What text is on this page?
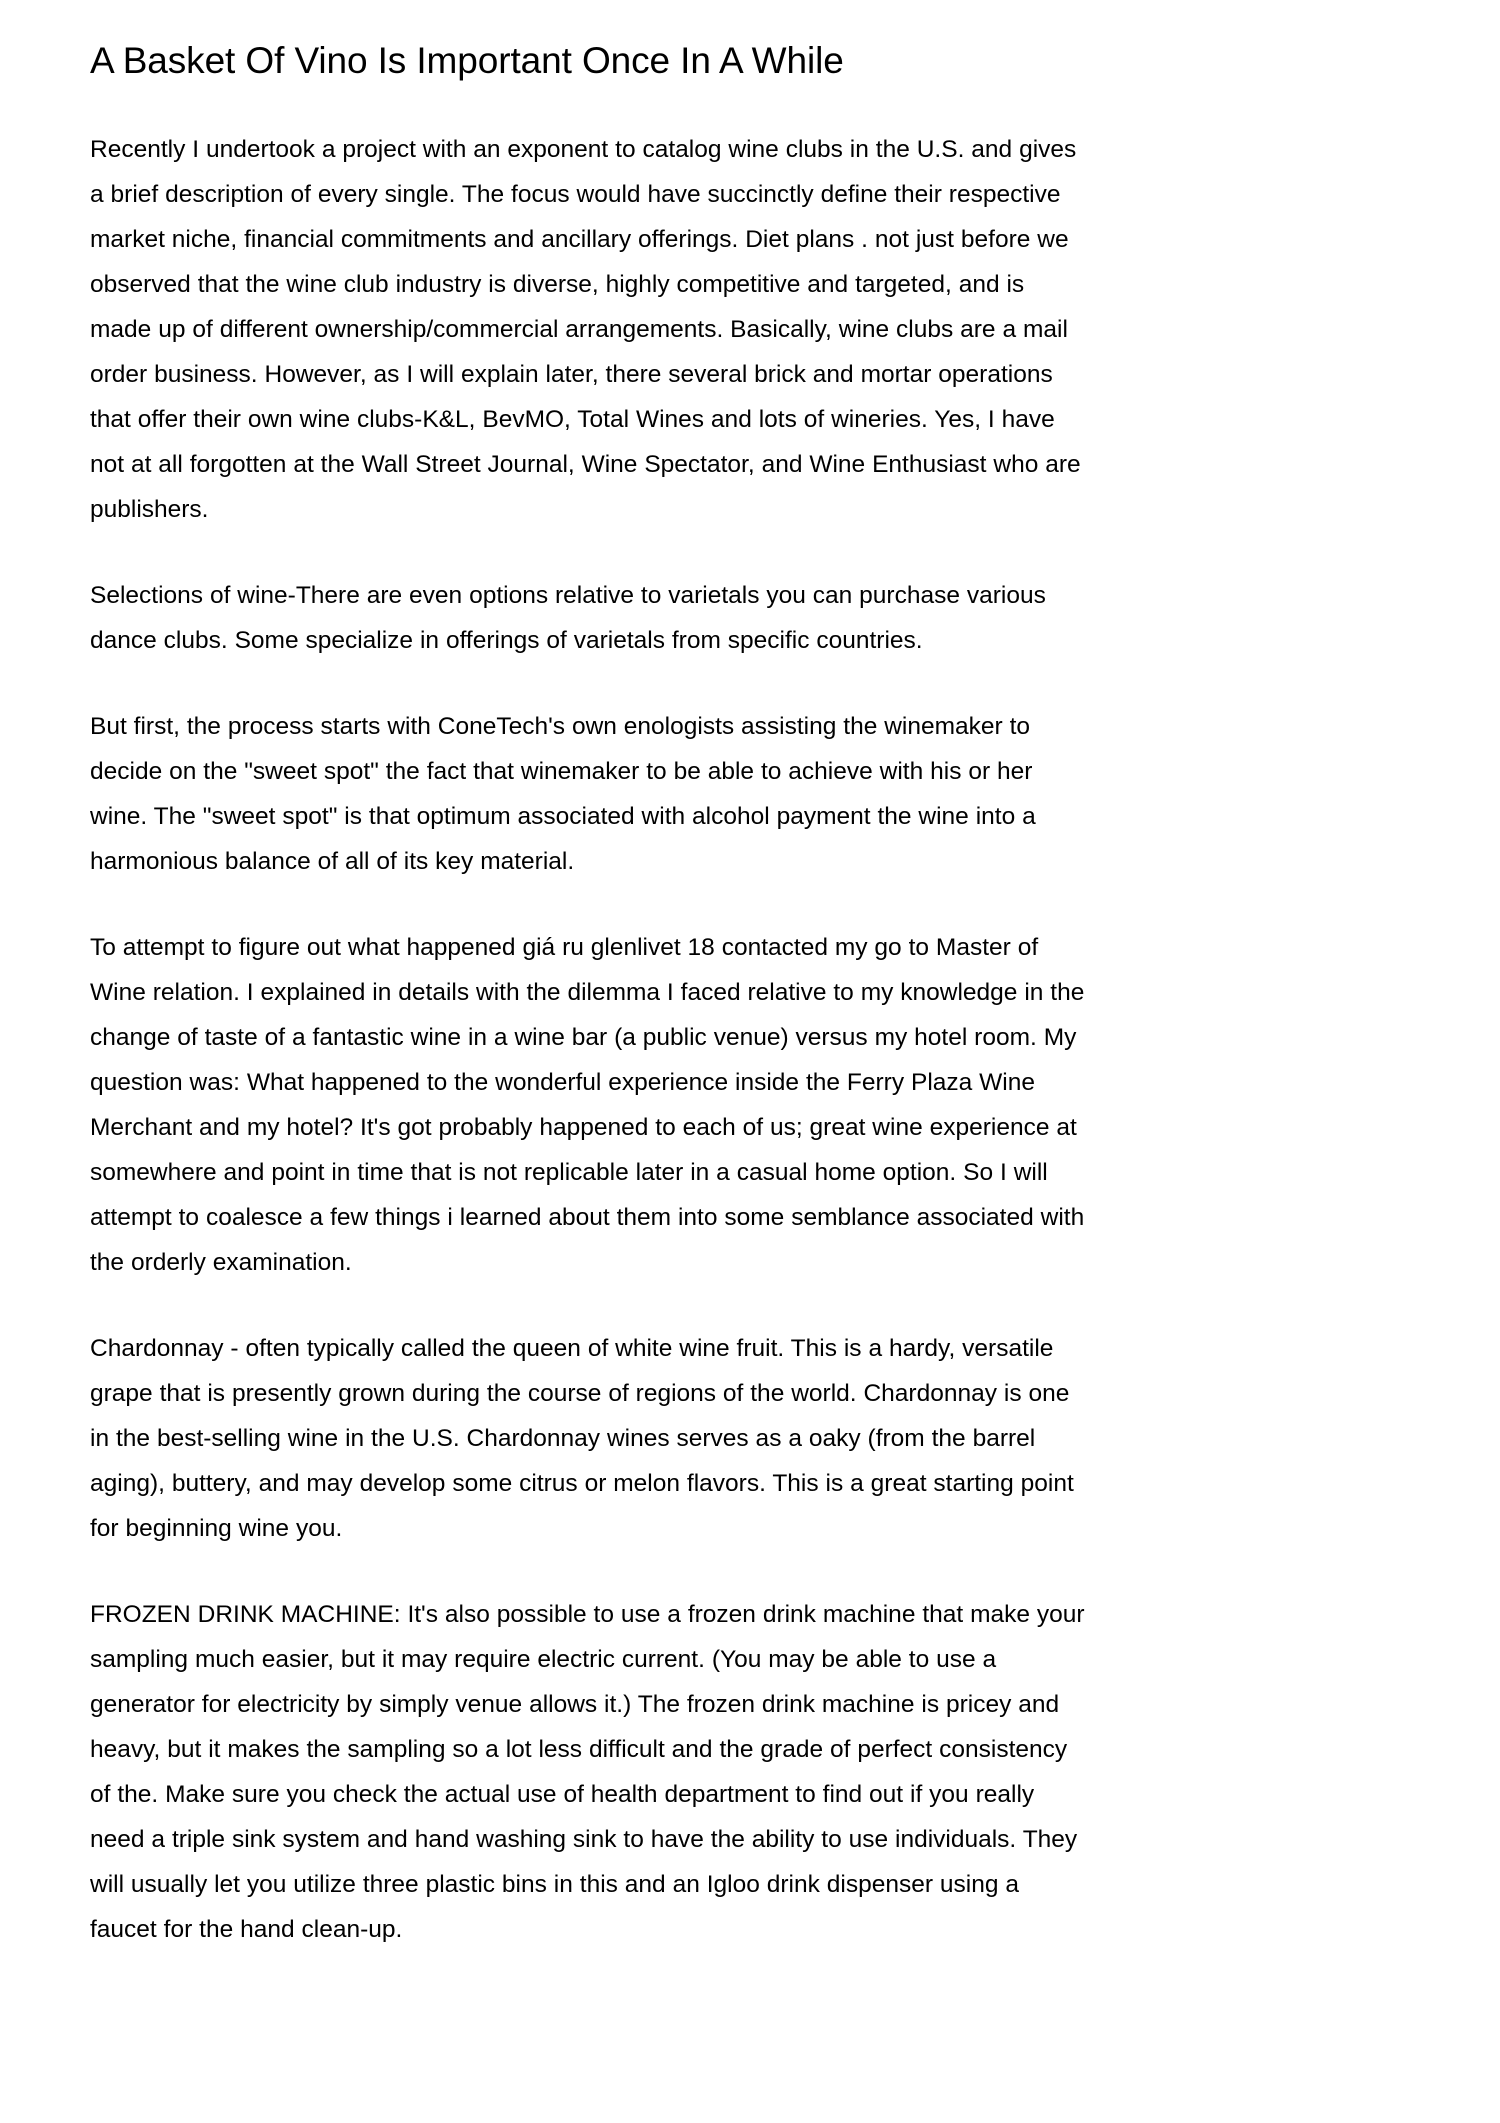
A Basket Of Vino Is Important Once In A While

Recently I undertook a project with an exponent to catalog wine clubs in the U.S. and gives a brief description of every single. The focus would have succinctly define their respective market niche, financial commitments and ancillary offerings. Diet plans . not just before we observed that the wine club industry is diverse, highly competitive and targeted, and is made up of different ownership/commercial arrangements. Basically, wine clubs are a mail order business. However, as I will explain later, there several brick and mortar operations that offer their own wine clubs-K&L, BevMO, Total Wines and lots of wineries. Yes, I have not at all forgotten at the Wall Street Journal, Wine Spectator, and Wine Enthusiast who are publishers.

Selections of wine-There are even options relative to varietals you can purchase various dance clubs. Some specialize in offerings of varietals from specific countries.

But first, the process starts with ConeTech's own enologists assisting the winemaker to decide on the "sweet spot" the fact that winemaker to be able to achieve with his or her wine. The "sweet spot" is that optimum associated with alcohol payment the wine into a harmonious balance of all of its key material.

To attempt to figure out what happened giá ru glenlivet 18 contacted my go to Master of Wine relation. I explained in details with the dilemma I faced relative to my knowledge in the change of taste of a fantastic wine in a wine bar (a public venue) versus my hotel room. My question was: What happened to the wonderful experience inside the Ferry Plaza Wine Merchant and my hotel? It's got probably happened to each of us; great wine experience at somewhere and point in time that is not replicable later in a casual home option. So I will attempt to coalesce a few things i learned about them into some semblance associated with the orderly examination.

Chardonnay - often typically called the queen of white wine fruit. This is a hardy, versatile grape that is presently grown during the course of regions of the world. Chardonnay is one in the best-selling wine in the U.S. Chardonnay wines serves as a oaky (from the barrel aging), buttery, and may develop some citrus or melon flavors. This is a great starting point for beginning wine you.

FROZEN DRINK MACHINE: It's also possible to use a frozen drink machine that make your sampling much easier, but it may require electric current. (You may be able to use a generator for electricity by simply venue allows it.) The frozen drink machine is pricey and heavy, but it makes the sampling so a lot less difficult and the grade of perfect consistency of the. Make sure you check the actual use of health department to find out if you really need a triple sink system and hand washing sink to have the ability to use individuals. They will usually let you utilize three plastic bins in this and an Igloo drink dispenser using a faucet for the hand clean-up.
